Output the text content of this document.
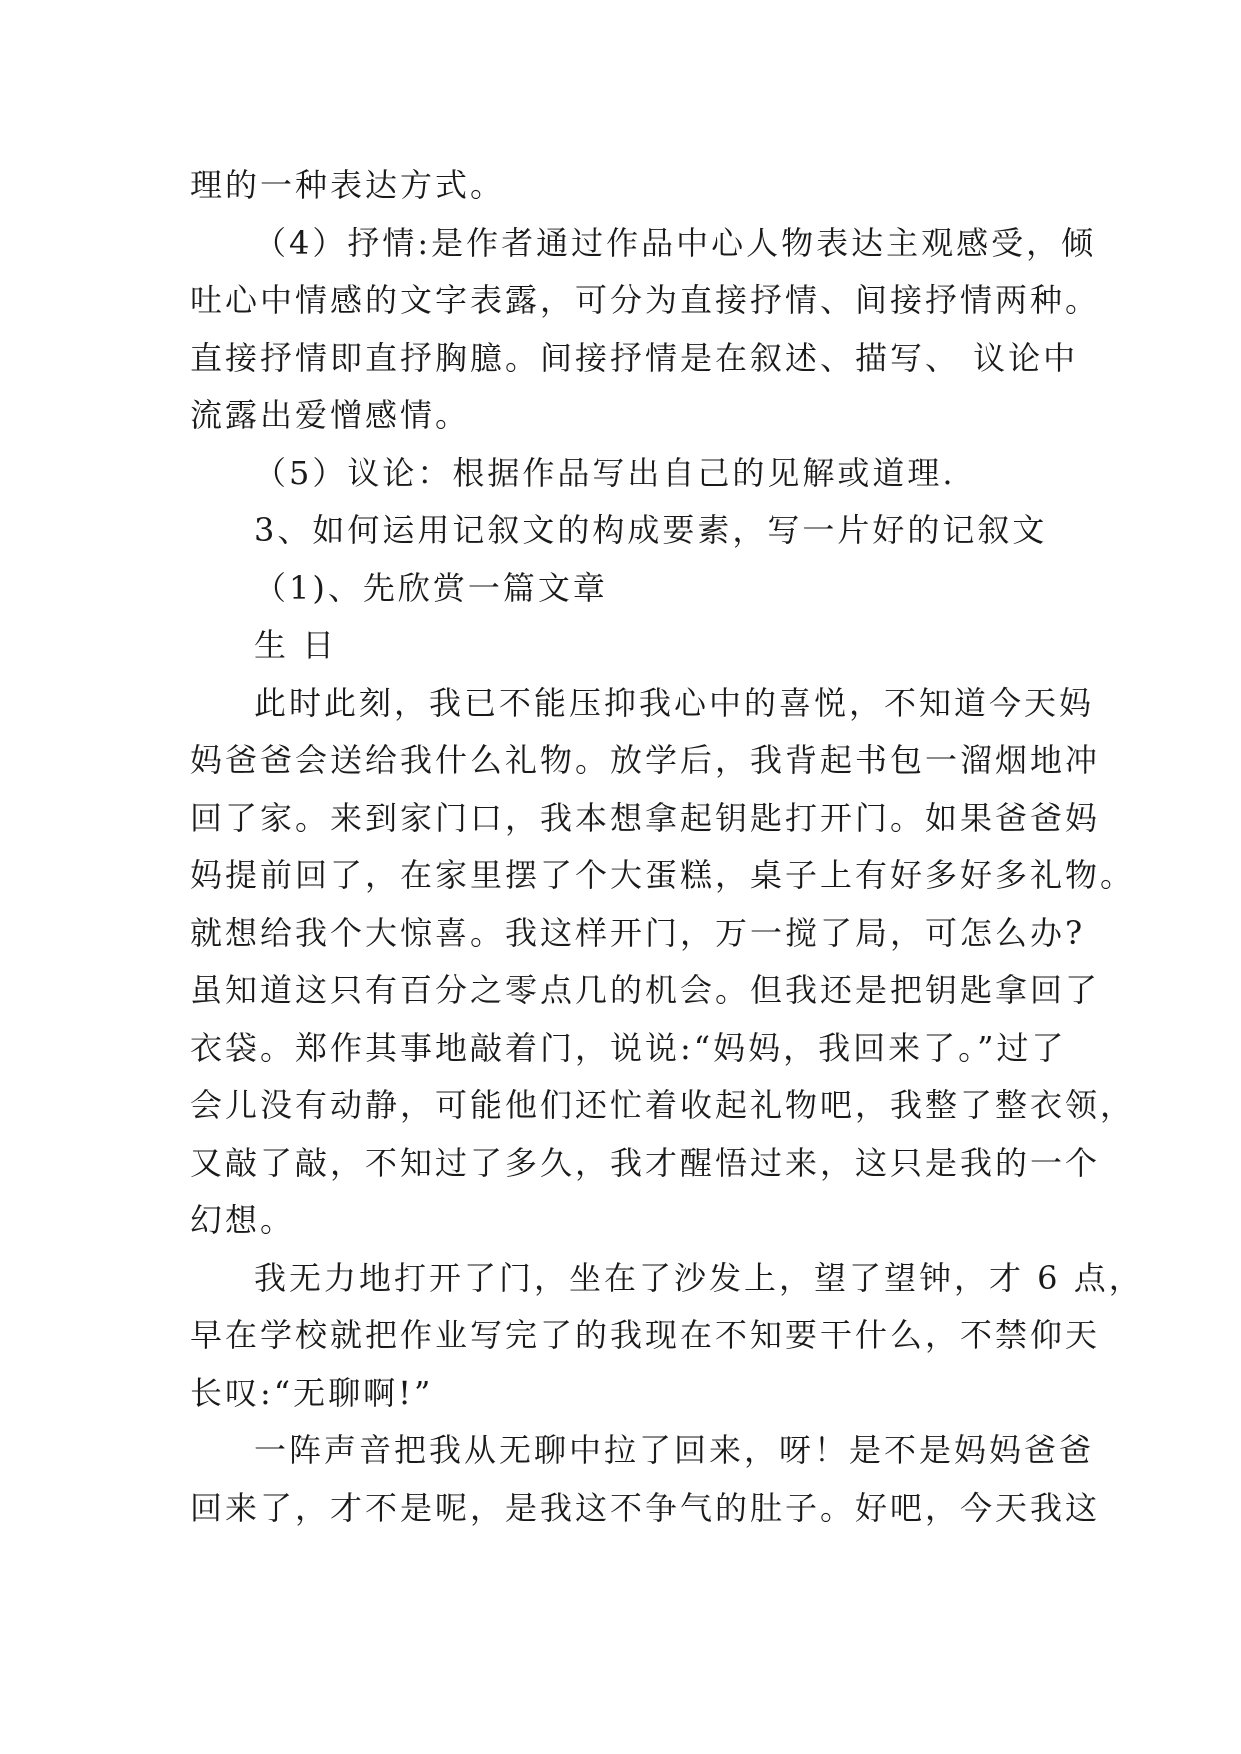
理的一种表达方式。
（4）抒情:是作者通过作品中心人物表达主观感受，倾
吐心中情感的文字表露，可分为直接抒情、间接抒情两种。
直接抒情即直抒胸臆。间接抒情是在叙述、描写、 议论中
流露出爱憎感情。
（5）议论：根据作品写出自己的见解或道理.
3、如何运用记叙文的构成要素，写一片好的记叙文
（1)、先欣赏一篇文章
生 日
此时此刻，我已不能压抑我心中的喜悦，不知道今天妈
妈爸爸会送给我什么礼物。放学后，我背起书包一溜烟地冲
回了家。来到家门口，我本想拿起钥匙打开门。如果爸爸妈
妈提前回了，在家里摆了个大蛋糕，桌子上有好多好多礼物。
就想给我个大惊喜。我这样开门，万一搅了局，可怎么办?
虽知道这只有百分之零点几的机会。但我还是把钥匙拿回了
衣袋。郑作其事地敲着门，说说:“妈妈，我回来了。”过了
会儿没有动静，可能他们还忙着收起礼物吧，我整了整衣领，
又敲了敲，不知过了多久，我才醒悟过来，这只是我的一个
幻想。
我无力地打开了门，坐在了沙发上，望了望钟，才 6 点，
早在学校就把作业写完了的我现在不知要干什么，不禁仰天
长叹:“无聊啊!”
一阵声音把我从无聊中拉了回来，呀！是不是妈妈爸爸
回来了，才不是呢，是我这不争气的肚子。好吧，今天我这
